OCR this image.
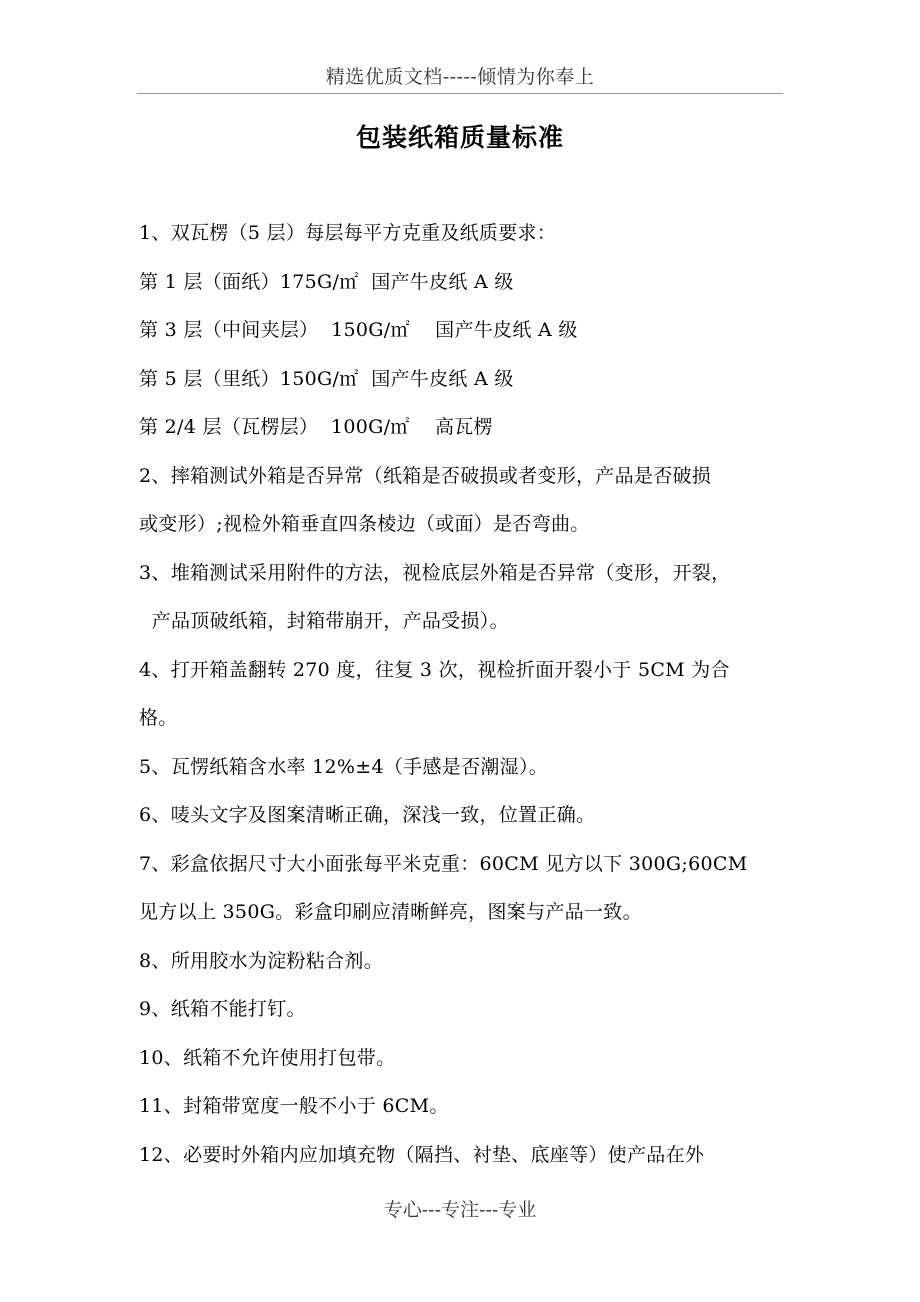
精选优质文档-----倾情为你奉上
包装纸箱质量标准
1、双瓦楞（5 层）每层每平方克重及纸质要求：
第 1 层（面纸）175G/㎡  国产牛皮纸 A 级
第 3 层（中间夹层）  150G/㎡    国产牛皮纸 A 级
第 5 层（里纸）150G/㎡  国产牛皮纸 A 级
第 2/4 层（瓦楞层）  100G/㎡    高瓦楞
2、摔箱测试外箱是否异常（纸箱是否破损或者变形，产品是否破损
或变形）;视检外箱垂直四条棱边（或面）是否弯曲。
3、堆箱测试采用附件的方法，视检底层外箱是否异常（变形，开裂，
产品顶破纸箱，封箱带崩开，产品受损）。
4、打开箱盖翻转 270 度，往复 3 次，视检折面开裂小于 5CM 为合
格。
5、瓦愣纸箱含水率 12%±4（手感是否潮湿）。
6、唛头文字及图案清晰正确，深浅一致，位置正确。
7、彩盒依据尺寸大小面张每平米克重：60CM 见方以下 300G;60CM
见方以上 350G。彩盒印刷应清晰鲜亮，图案与产品一致。
8、所用胶水为淀粉粘合剂。
9、纸箱不能打钉。
10、纸箱不允许使用打包带。
11、封箱带宽度一般不小于 6CM。
12、必要时外箱内应加填充物（隔挡、衬垫、底座等）使产品在外
专心---专注---专业
